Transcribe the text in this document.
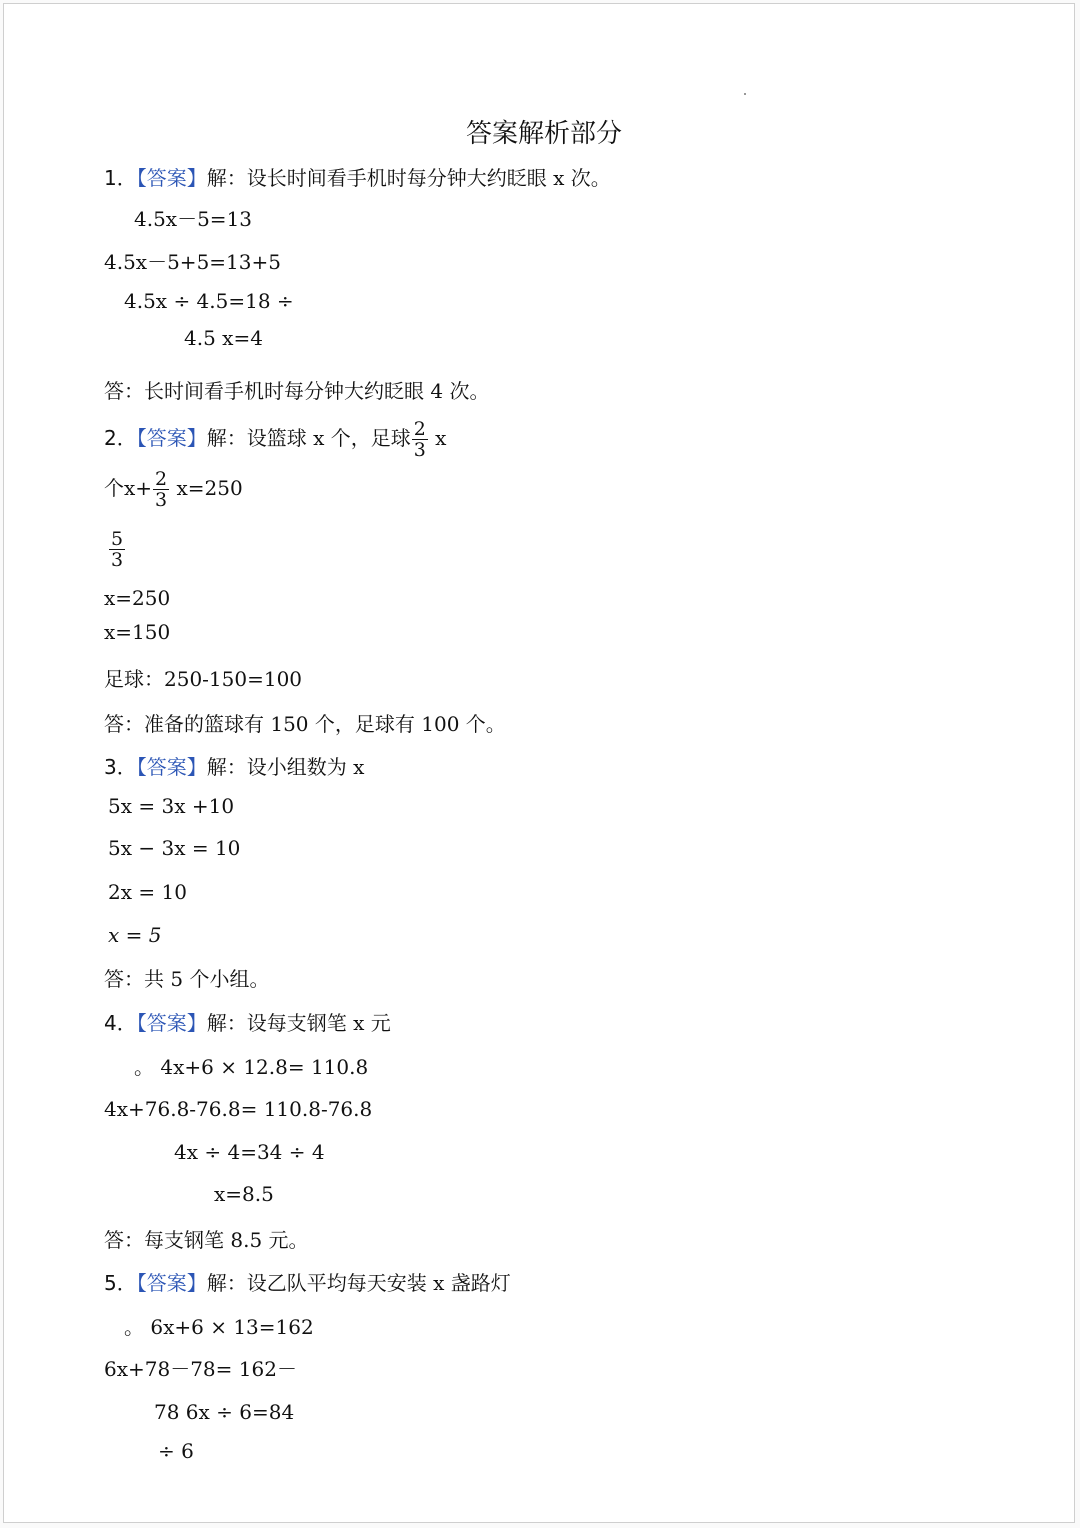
答案解析部分
1．【答案】解：设长时间看手机时每分钟大约眨眼 x 次。
4.5x－5=13
4.5x－5+5=13+5
4.5x ÷ 4.5=18 ÷
4.5 x=4
答：长时间看手机时每分钟大约眨眼 4 次。
2．【答案】解：设篮球 x 个，足球 $\frac{2}{3}$ x
个$x+ \frac{2}{3} x=250$
$\frac{5}{3}$
x=250
x=150
足球：250-150=100
答：准备的篮球有 150 个，足球有 100 个。
3．【答案】解：设小组数为 x
5x = 3x +10
5x − 3x = 10
2x = 10
x = 5
答：共 5 个小组。
4．【答案】解：设每支钢笔 x 元
。 4x+6 × 12.8= 110.8
4x+76.8-76.8= 110.8-76.8
4x ÷ 4=34 ÷ 4
x=8.5
答：每支钢笔 8.5 元。
5．【答案】解：设乙队平均每天安装 x 盏路灯
。 6x+6 × 13=162
6x+78－78= 162－
78 6x ÷ 6=84
÷ 6
